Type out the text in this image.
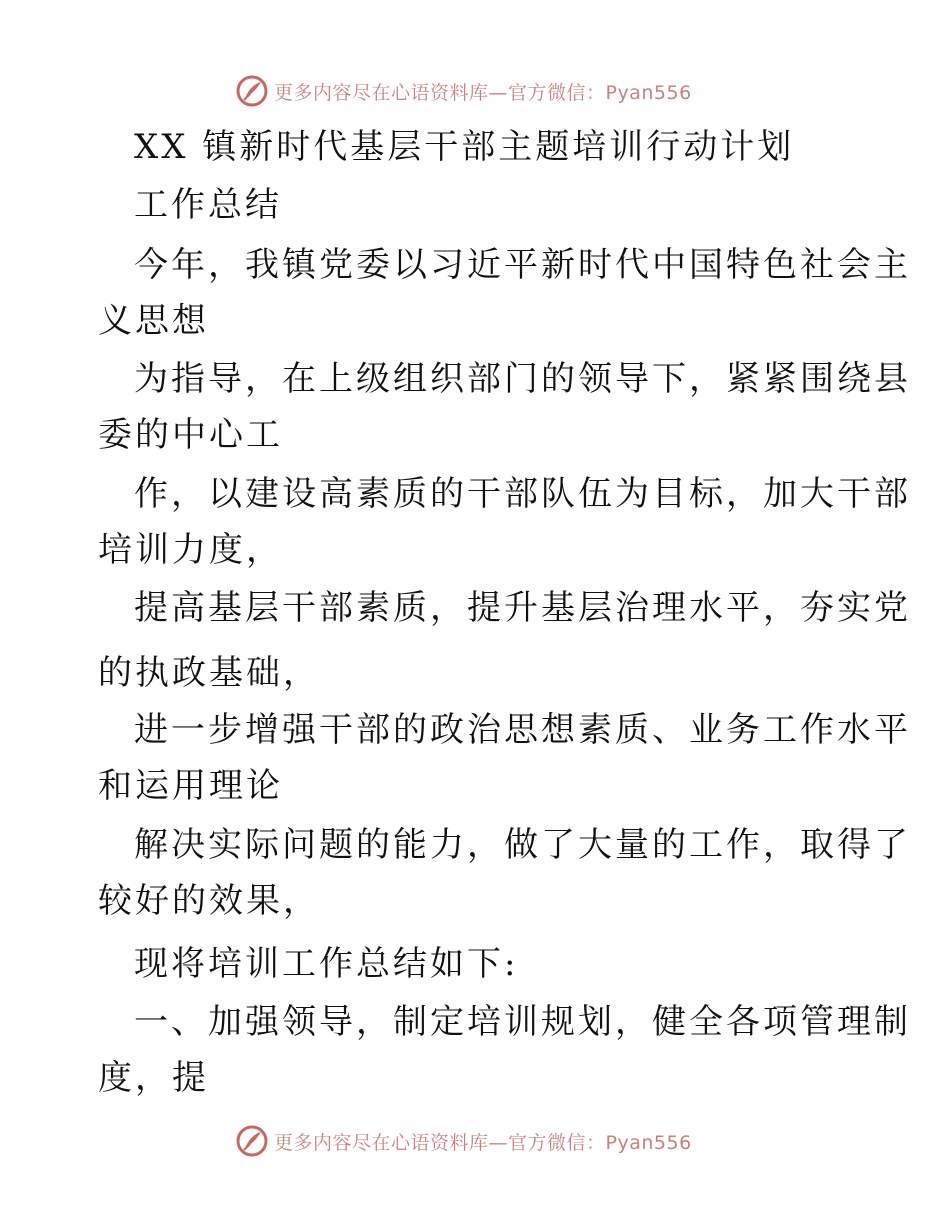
更多内容尽在心语资料库—官方微信：Pyan556
XX 镇新时代基层干部主题培训行动计划
工作总结
今年，我镇党委以习近平新时代中国特色社会主
义思想
为指导，在上级组织部门的领导下，紧紧围绕县
委的中心工
作，以建设高素质的干部队伍为目标，加大干部
培训力度，
提高基层干部素质，提升基层治理水平，夯实党
的执政基础，
进一步增强干部的政治思想素质、业务工作水平
和运用理论
解决实际问题的能力，做了大量的工作，取得了
较好的效果，
现将培训工作总结如下:
一、加强领导，制定培训规划，健全各项管理制
度，提
更多内容尽在心语资料库—官方微信：Pyan556
